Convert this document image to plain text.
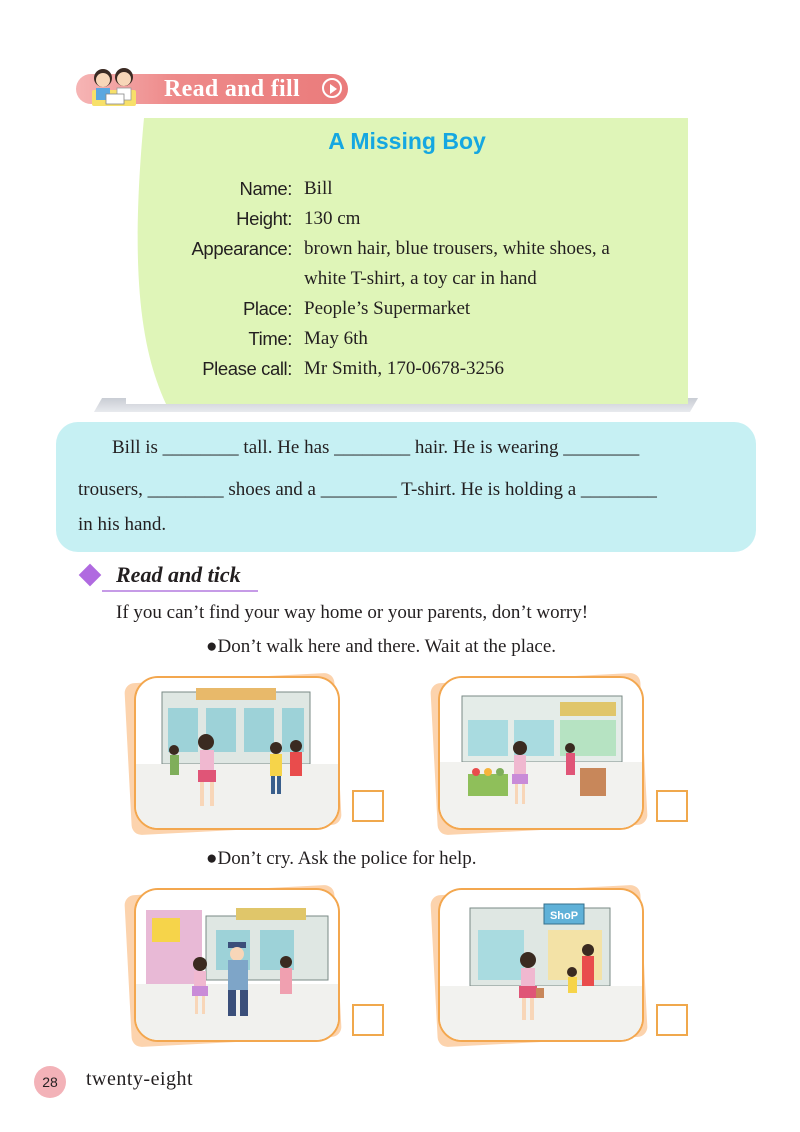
Read and fill
A Missing Boy
Name: Bill
Height: 130 cm
Appearance: brown hair, blue trousers, white shoes, a
white T-shirt, a toy car in hand
Place: People’s Supermarket
Time: May 6th
Please call: Mr Smith, 170-0678-3256
Bill is ________ tall. He has ________ hair. He is wearing ________
trousers, ________ shoes and a ________ T-shirt. He is holding a ________
in his hand.
Read and tick
If you can’t find your way home or your parents, don’t worry!
●Don’t walk here and there. Wait at the place.
●Don’t cry. Ask the police for help.
ShoP
28	twenty-eight
